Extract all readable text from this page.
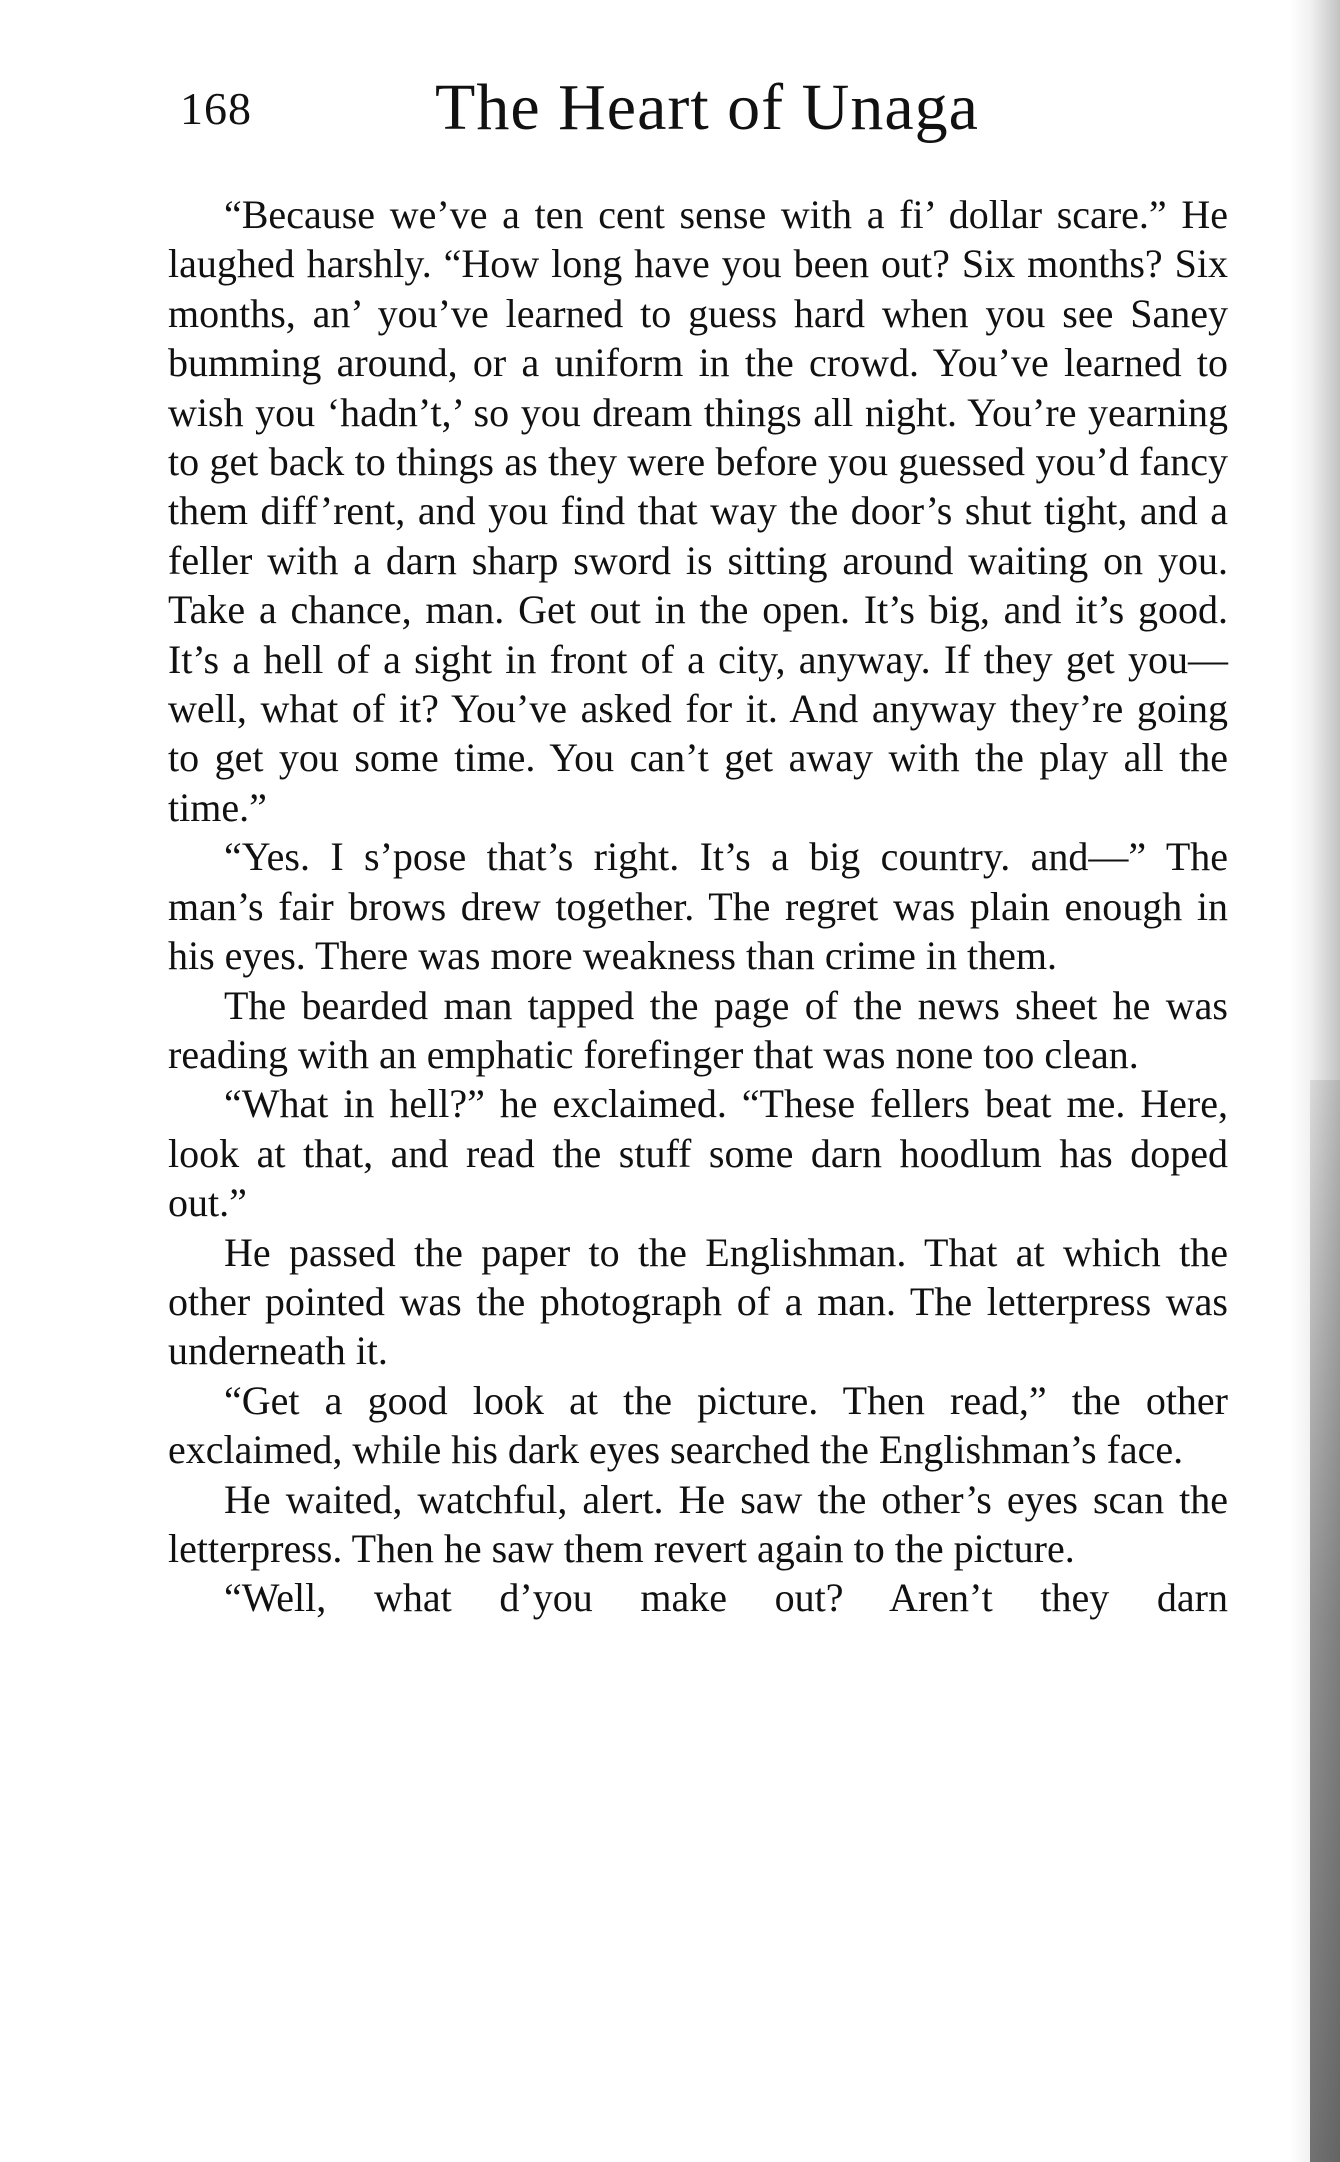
168	The Heart of Unaga

“Because we’ve a ten cent sense with a fi’ dollar scare.” He laughed harshly. “How long have you been out? Six months? Six months, an’ you’ve learned to guess hard when you see Saney bumming around, or a uniform in the crowd. You’ve learned to wish you ‘hadn’t,’ so you dream things all night. You’re yearning to get back to things as they were before you guessed you’d fancy them diff’rent, and you find that way the door’s shut tight, and a feller with a darn sharp sword is sitting around waiting on you. Take a chance, man. Get out in the open. It’s big, and it’s good. It’s a hell of a sight in front of a city, anyway. If they get you—well, what of it? You’ve asked for it. And anyway they’re going to get you some time. You can’t get away with the play all the time.”

“Yes. I s’pose that’s right. It’s a big country. and—” The man’s fair brows drew together. The regret was plain enough in his eyes. There was more weakness than crime in them.

The bearded man tapped the page of the news sheet he was reading with an emphatic forefinger that was none too clean.

“What in hell?” he exclaimed. “These fellers beat me. Here, look at that, and read the stuff some darn hoodlum has doped out.”

He passed the paper to the Englishman. That at which the other pointed was the photograph of a man. The letterpress was underneath it.

“Get a good look at the picture. Then read,” the other exclaimed, while his dark eyes searched the Englishman’s face.

He waited, watchful, alert. He saw the other’s eyes scan the letterpress. Then he saw them revert again to the picture.

“Well, what d’you make out? Aren’t they darn
